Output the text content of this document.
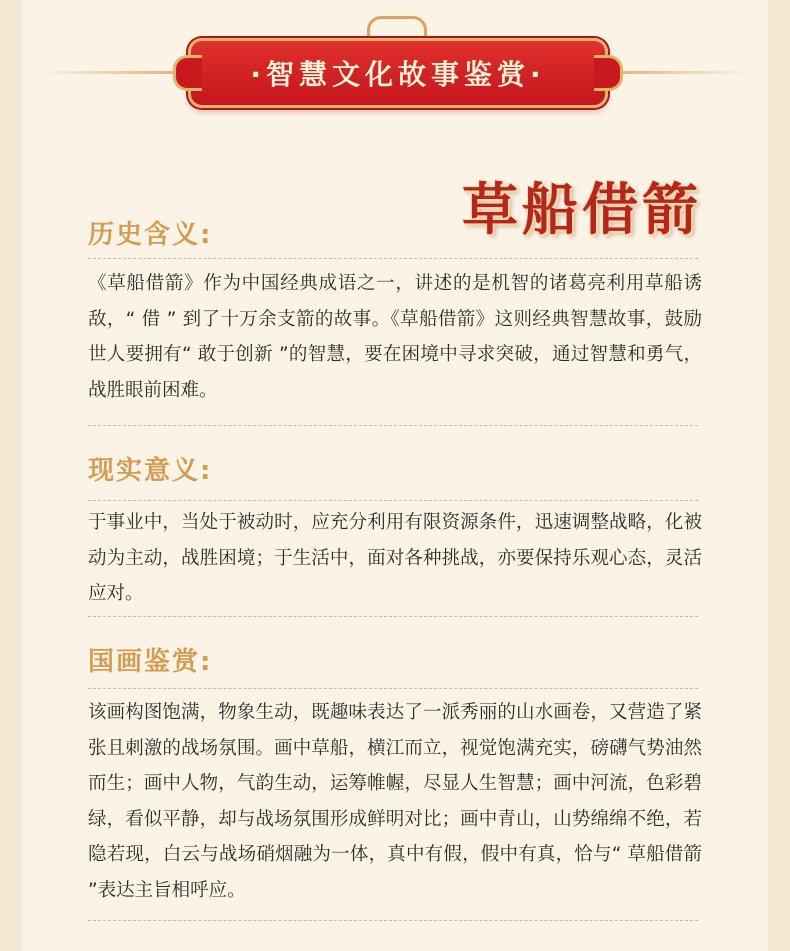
·智慧文化故事鉴赏·
草船借箭
历史含义:

《草船借箭》作为中国经典成语之一，讲述的是机智的诸葛亮利用草船诱敌，“ 借 ” 到了十万余支箭的故事。《草船借箭》这则经典智慧故事，鼓励世人要拥有“ 敢于创新 ”的智慧，要在困境中寻求突破，通过智慧和勇气，战胜眼前困难。

现实意义:

于事业中，当处于被动时，应充分利用有限资源条件，迅速调整战略，化被动为主动，战胜困境；于生活中，面对各种挑战，亦要保持乐观心态，灵活应对。

国画鉴赏:

该画构图饱满，物象生动，既趣味表达了一派秀丽的山水画卷，又营造了紧张且刺激的战场氛围。画中草船，横江而立，视觉饱满充实，磅礴气势油然而生；画中人物，气韵生动，运筹帷幄，尽显人生智慧；画中河流，色彩碧绿，看似平静，却与战场氛围形成鲜明对比；画中青山，山势绵绵不绝，若隐若现，白云与战场硝烟融为一体，真中有假，假中有真，恰与“ 草船借箭 ”表达主旨相呼应。
